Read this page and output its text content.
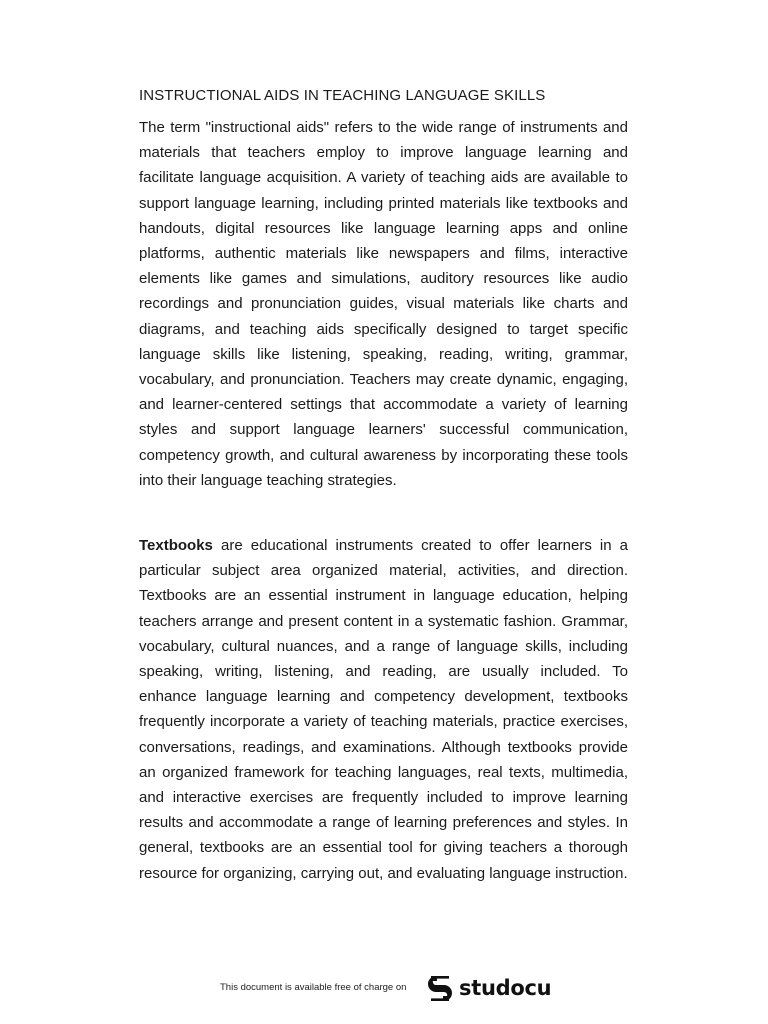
INSTRUCTIONAL AIDS IN TEACHING LANGUAGE SKILLS

The term "instructional aids" refers to the wide range of instruments and materials that teachers employ to improve language learning and facilitate language acquisition. A variety of teaching aids are available to support language learning, including printed materials like textbooks and handouts, digital resources like language learning apps and online platforms, authentic materials like newspapers and films, interactive elements like games and simulations, auditory resources like audio recordings and pronunciation guides, visual materials like charts and diagrams, and teaching aids specifically designed to target specific language skills like listening, speaking, reading, writing, grammar, vocabulary, and pronunciation. Teachers may create dynamic, engaging, and learner-centered settings that accommodate a variety of learning styles and support language learners' successful communication, competency growth, and cultural awareness by incorporating these tools into their language teaching strategies.

Textbooks are educational instruments created to offer learners in a particular subject area organized material, activities, and direction. Textbooks are an essential instrument in language education, helping teachers arrange and present content in a systematic fashion. Grammar, vocabulary, cultural nuances, and a range of language skills, including speaking, writing, listening, and reading, are usually included. To enhance language learning and competency development, textbooks frequently incorporate a variety of teaching materials, practice exercises, conversations, readings, and examinations. Although textbooks provide an organized framework for teaching languages, real texts, multimedia, and interactive exercises are frequently included to improve learning results and accommodate a range of learning preferences and styles. In general, textbooks are an essential tool for giving teachers a thorough resource for organizing, carrying out, and evaluating language instruction.

This document is available free of charge on	studocu
